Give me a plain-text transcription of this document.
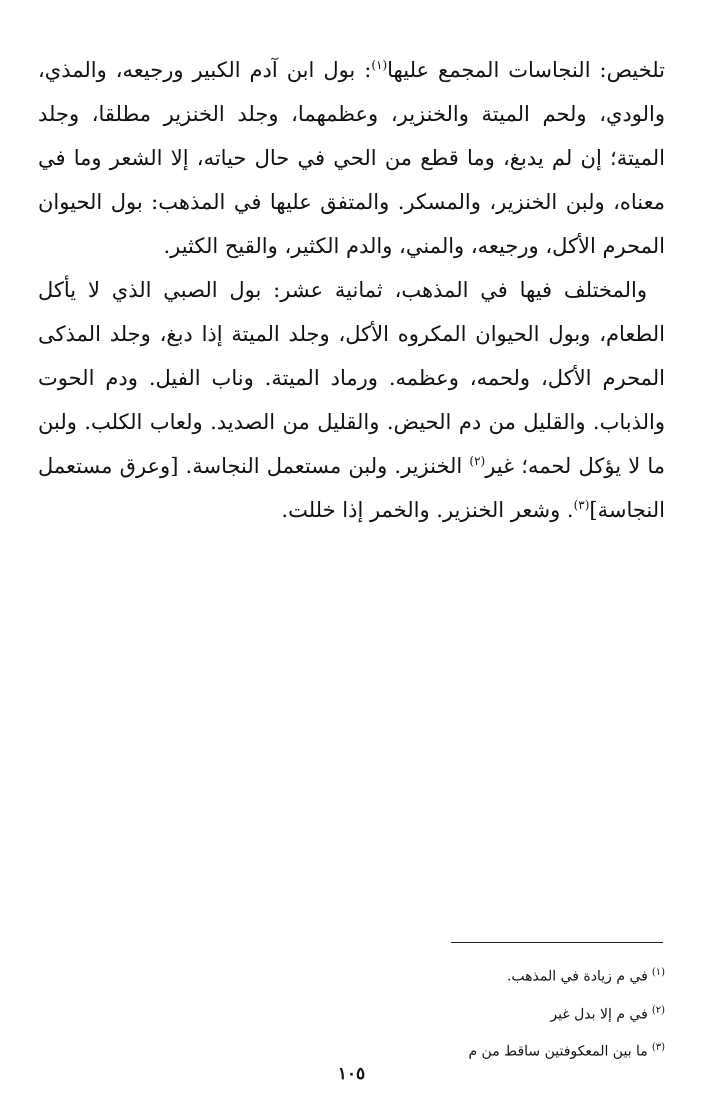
تلخيص: النجاسات المجمع عليها$^{(١)}$: بول ابن آدم الكبير ورجيعه، والمذي، والودي، ولحم الميتة والخنزير، وعظمهما، وجلد الخنزير مطلقا، وجلد الميتة؛ إن لم يدبغ، وما قطع من الحي في حال حياته، إلا الشعر وما في معناه، ولبن الخنزير، والمسكر. والمتفق عليها في المذهب: بول الحيوان المحرم الأكل، ورجيعه، والمني، والدم الكثير، والقيح الكثير.

والمختلف فيها في المذهب، ثمانية عشر: بول الصبي الذي لا يأكل الطعام، وبول الحيوان المكروه الأكل، وجلد الميتة إذا دبغ، وجلد المذكى المحرم الأكل، ولحمه، وعظمه. ورماد الميتة. وناب الفيل. ودم الحوت والذباب. والقليل من دم الحيض. والقليل من الصديد. ولعاب الكلب. ولبن ما لا يؤكل لحمه؛ غير$^{(٢)}$ الخنزير. ولبن مستعمل النجاسة. [وعرق مستعمل النجاسة]$^{(٣)}$. وشعر الخنزير. والخمر إذا خللت.

$^{(١)}$في م زيادة في المذهب.
$^{(٢)}$في م إلا بدل غير
$^{(٣)}$ما بين المعكوفتين ساقط من م
١٠٥
